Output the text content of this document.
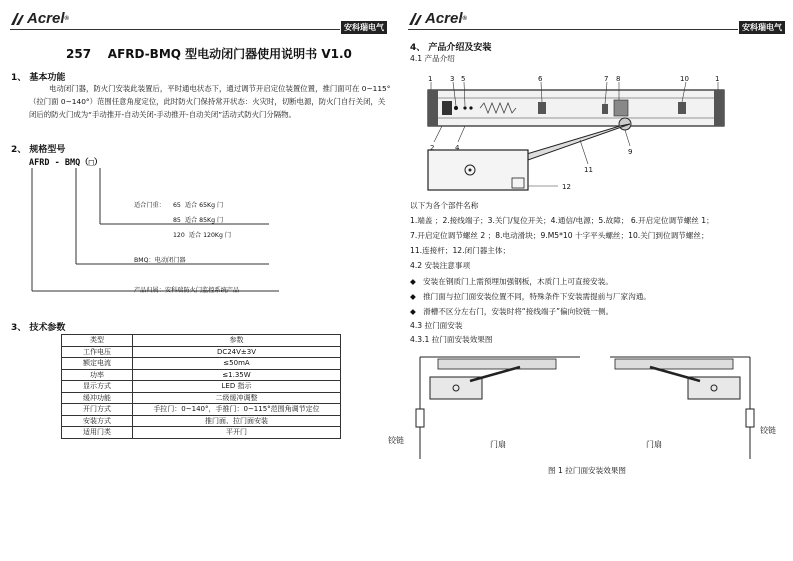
Acrel ®
安科瑞电气
Acrel ®
安科瑞电气
257 AFRD-BMQ 型电动闭门器使用说明书 V1.0
1、 基本功能
电动闭门器，防火门安装此装置后，平时通电状态下，通过调节开启定位装置位置，推门面可在 0~115°（拉门面 0~140°）范围任意角度定位，此时防火门保持常开状态：火灾时，切断电源，防火门自行关闭，关闭后的防火门成为“手动推开-自动关闭-手动推开-自动关闭”活动式防火门分隔物。
2、 规格型号
AFRD - BMQ（□）
适合门重： 65 适合 65Kg 门
85 适合 85Kg 门
120 适合 120Kg 门
BMQ：电动闭门器
产品归属：安科瑞防火门监控系统产品
3、 技术参数
类型	参数
工作电压	DC24V±3V
额定电流	≤50mA
功率	≤1.35W
显示方式	LED 指示
缓冲功能	二级缓冲调整
开门方式	手拉门：0~140°，手推门：0~115°范围角调节定位
安装方式	推门面、拉门面安装
适用门类	平开门
4、 产品介绍及安装
4.1 产品介绍
1	3 5	6	7 8	10	1
2	4	9
11
12
以下为各个部件名称
1.端盖 ；2.接线端子；3.关门/复位开关；4.通信/电源；5.故障； 6.开启定位调节螺丝 1；
7.开启定位调节螺丝 2 ；8.电动滑块；9.M5*10 十字平头螺丝；10.关门到位调节螺丝；
11.连接杆；12.闭门器主体；
4.2 安装注意事项
◆ 安装在钢质门上需预埋加强钢板，木质门上可直接安装。
◆ 推门面与拉门面安装位置不同，特殊条件下安装需提前与厂家沟通。
◆ 滑槽不区分左右门，安装时将“接线端子”偏向铰链一侧。
4.3 拉门面安装
4.3.1 拉门面安装效果图
铰链
铰链
门扇	门扇
图 1 拉门面安装效果图
